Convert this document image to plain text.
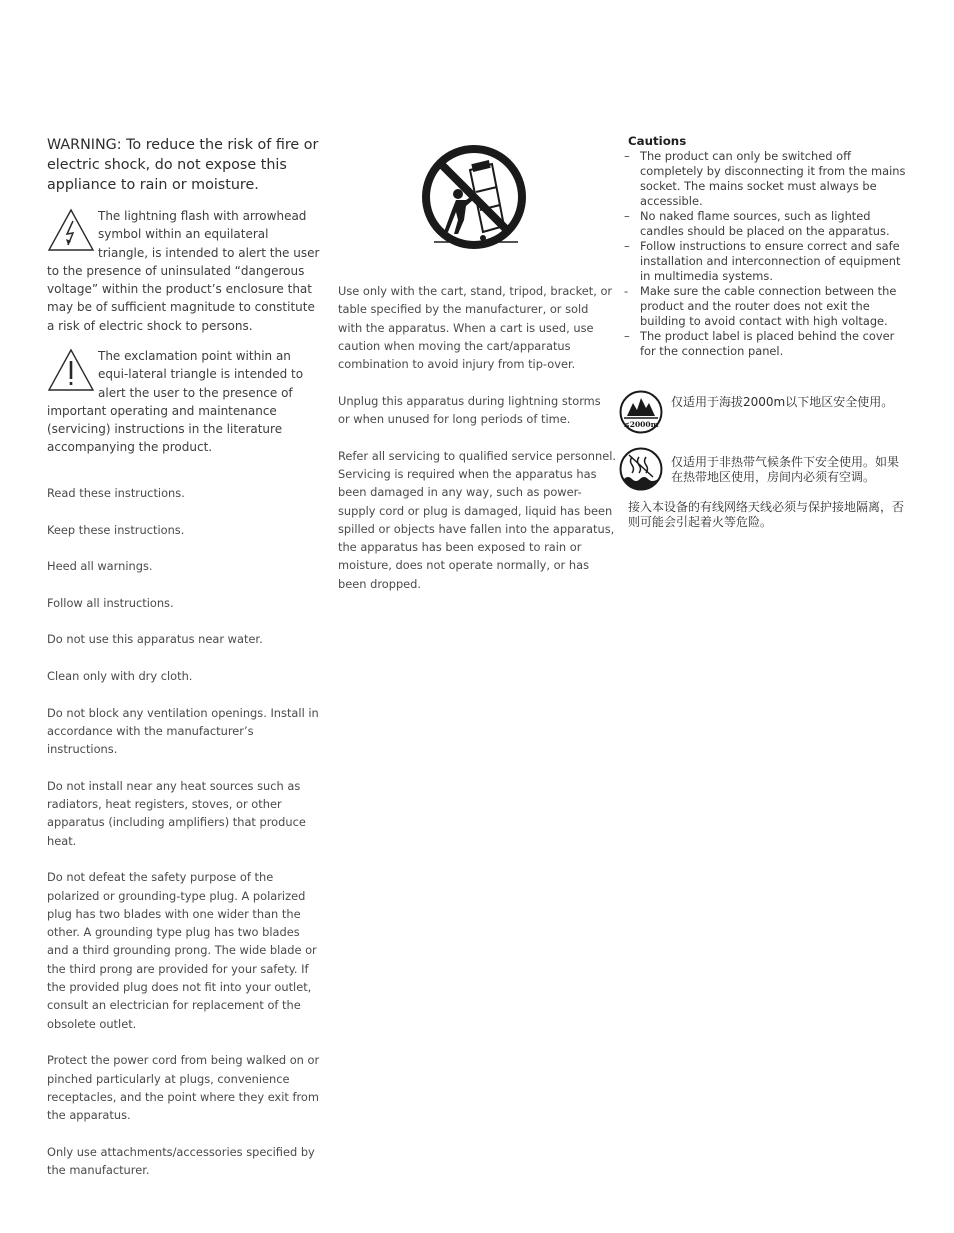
WARNING: To reduce the risk of fire or electric shock, do not expose this appliance to rain or moisture.
The lightning flash with arrowhead symbol within an equilateral triangle, is intended to alert the user to the presence of uninsulated “dangerous voltage” within the product’s enclosure that may be of sufficient magnitude to constitute a risk of electric shock to persons.
The exclamation point within an equi-lateral triangle is intended to alert the user to the presence of important operating and maintenance (servicing) instructions in the literature accompanying the product.

Read these instructions.

Keep these instructions.

Heed all warnings.

Follow all instructions.

Do not use this apparatus near water.

Clean only with dry cloth.

Do not block any ventilation openings. Install in accordance with the manufacturer’s instructions.

Do not install near any heat sources such as radiators, heat registers, stoves, or other apparatus (including amplifiers) that produce heat.

Do not defeat the safety purpose of the polarized or grounding-type plug. A polarized plug has two blades with one wider than the other. A grounding type plug has two blades and a third grounding prong. The wide blade or the third prong are provided for your safety. If the provided plug does not fit into your outlet, consult an electrician for replacement of the obsolete outlet.

Protect the power cord from being walked on or pinched particularly at plugs, convenience receptacles, and the point where they exit from the apparatus.

Only use attachments/accessories specified by the manufacturer.

Use only with the cart, stand, tripod, bracket, or table specified by the manufacturer, or sold with the apparatus. When a cart is used, use caution when moving the cart/apparatus combination to avoid injury from tip-over.

Unplug this apparatus during lightning storms or when unused for long periods of time.

Refer all servicing to qualified service personnel. Servicing is required when the apparatus has been damaged in any way, such as power-supply cord or plug is damaged, liquid has been spilled or objects have fallen into the apparatus, the apparatus has been exposed to rain or moisture, does not operate normally, or has been dropped.

Cautions
– The product can only be switched off completely by disconnecting it from the mains socket. The mains socket must always be accessible.
– No naked flame sources, such as lighted candles should be placed on the apparatus.
– Follow instructions to ensure correct and safe installation and interconnection of equipment in multimedia systems.
- Make sure the cable connection between the product and the router does not exit the building to avoid contact with high voltage.
– The product label is placed behind the cover for the connection panel.
≤2000m
仅适用于海拔2000m以下地区安全使用。
仅适用于非热带气候条件下安全使用。如果在热带地区使用，房间内必须有空调。
接入本设备的有线网络天线必须与保护接地隔离，否则可能会引起着火等危险。
